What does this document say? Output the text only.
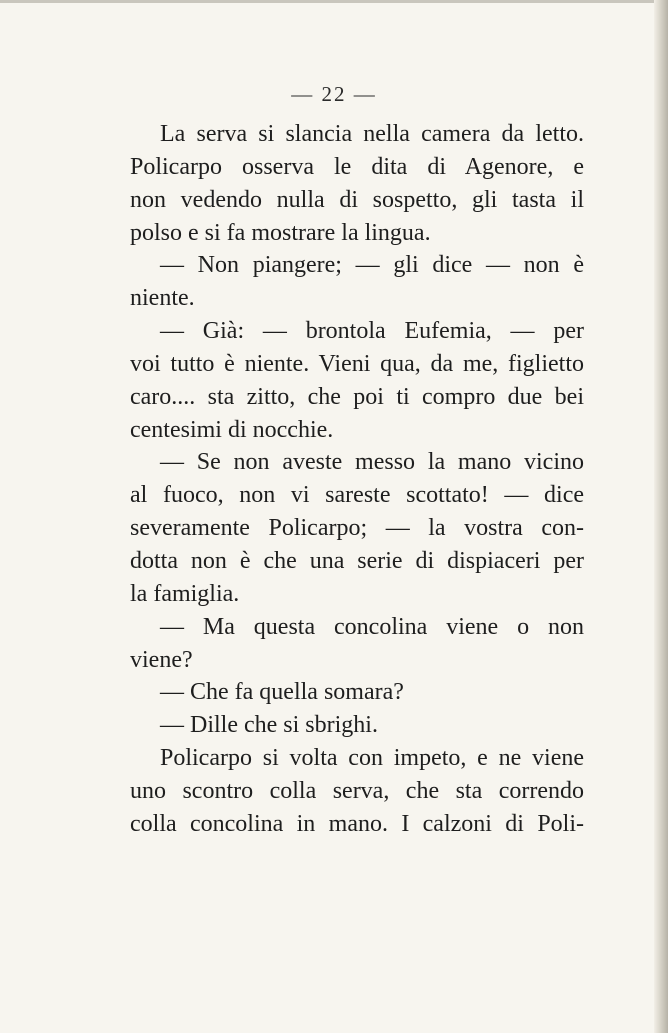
— 22 —
La serva si slancia nella camera da letto.
Policarpo osserva le dita di Agenore, e
non vedendo nulla di sospetto, gli tasta il
polso e si fa mostrare la lingua.
— Non piangere; — gli dice — non è
niente.
— Già: — brontola Eufemia, — per
voi tutto è niente. Vieni qua, da me, figlietto
caro.... sta zitto, che poi ti compro due bei
centesimi di nocchie.
— Se non aveste messo la mano vicino
al fuoco, non vi sareste scottato! — dice
severamente Policarpo; — la vostra con-
dotta non è che una serie di dispiaceri per
la famiglia.
— Ma questa concolina viene o non
viene?
— Che fa quella somara?
— Dille che si sbrighi.
Policarpo si volta con impeto, e ne viene
uno scontro colla serva, che sta correndo
colla concolina in mano. I calzoni di Poli-
